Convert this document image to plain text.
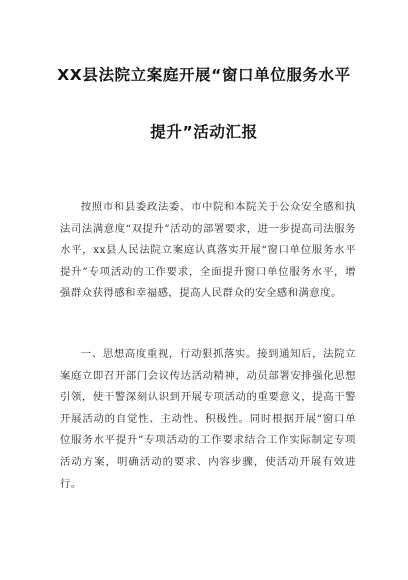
XX县法院立案庭开展“窗口单位服务水平
提升”活动汇报

按照市和县委政法委、市中院和本院关于公众安全感和执法司法满意度“双提升”活动的部署要求，进一步提高司法服务水平，xx县人民法院立案庭认真落实开展“窗口单位服务水平提升”专项活动的工作要求，全面提升窗口单位服务水平，增强群众获得感和幸福感，提高人民群众的安全感和满意度。

一、思想高度重视，行动狠抓落实。接到通知后，法院立案庭立即召开部门会议传达活动精神，动员部署安排强化思想引领，使干警深刻认识到开展专项活动的重要意义，提高干警开展活动的自觉性、主动性、积极性。同时根据开展“窗口单位服务水平提升”专项活动的工作要求结合工作实际制定专项活动方案，明确活动的要求、内容步骤，使活动开展有效进行。
